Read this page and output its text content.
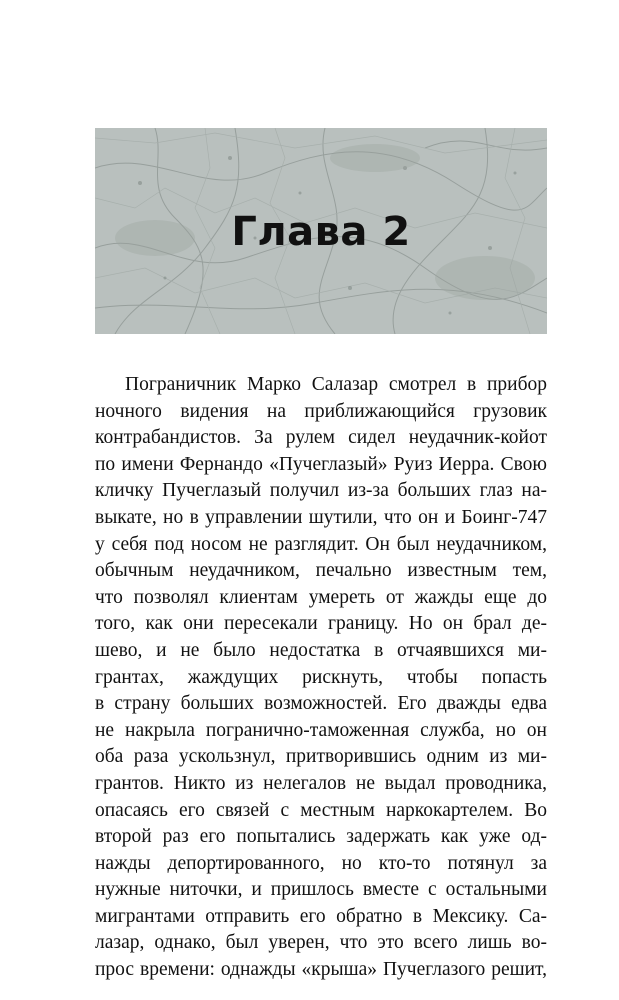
Глава 2
Пограничник Марко Салазар смотрел в прибор
ночного видения на приближающийся грузовик
контрабандистов. За рулем сидел неудачник-койот
по имени Фернандо «Пучеглазый» Руиз Иерра. Свою
кличку Пучеглазый получил из-за больших глаз на-
выкате, но в управлении шутили, что он и Боинг-747
у себя под носом не разглядит. Он был неудачником,
обычным неудачником, печально известным тем,
что позволял клиентам умереть от жажды еще до
того, как они пересекали границу. Но он брал де-
шево, и не было недостатка в отчаявшихся ми-
грантах, жаждущих рискнуть, чтобы попасть
в страну больших возможностей. Его дважды едва
не накрыла пограничнo-таможенная служба, но он
оба раза ускользнул, притворившись одним из ми-
грантов. Никто из нелегалов не выдал проводника,
опасаясь его связей с местным наркокартелем. Во
второй раз его попытались задержать как уже од-
нажды депортированного, но кто-то потянул за
нужные ниточки, и пришлось вместе с остальными
мигрантами отправить его обратно в Мексику. Са-
лазар, однако, был уверен, что это всего лишь во-
прос времени: однажды «крыша» Пучеглазого решит,
